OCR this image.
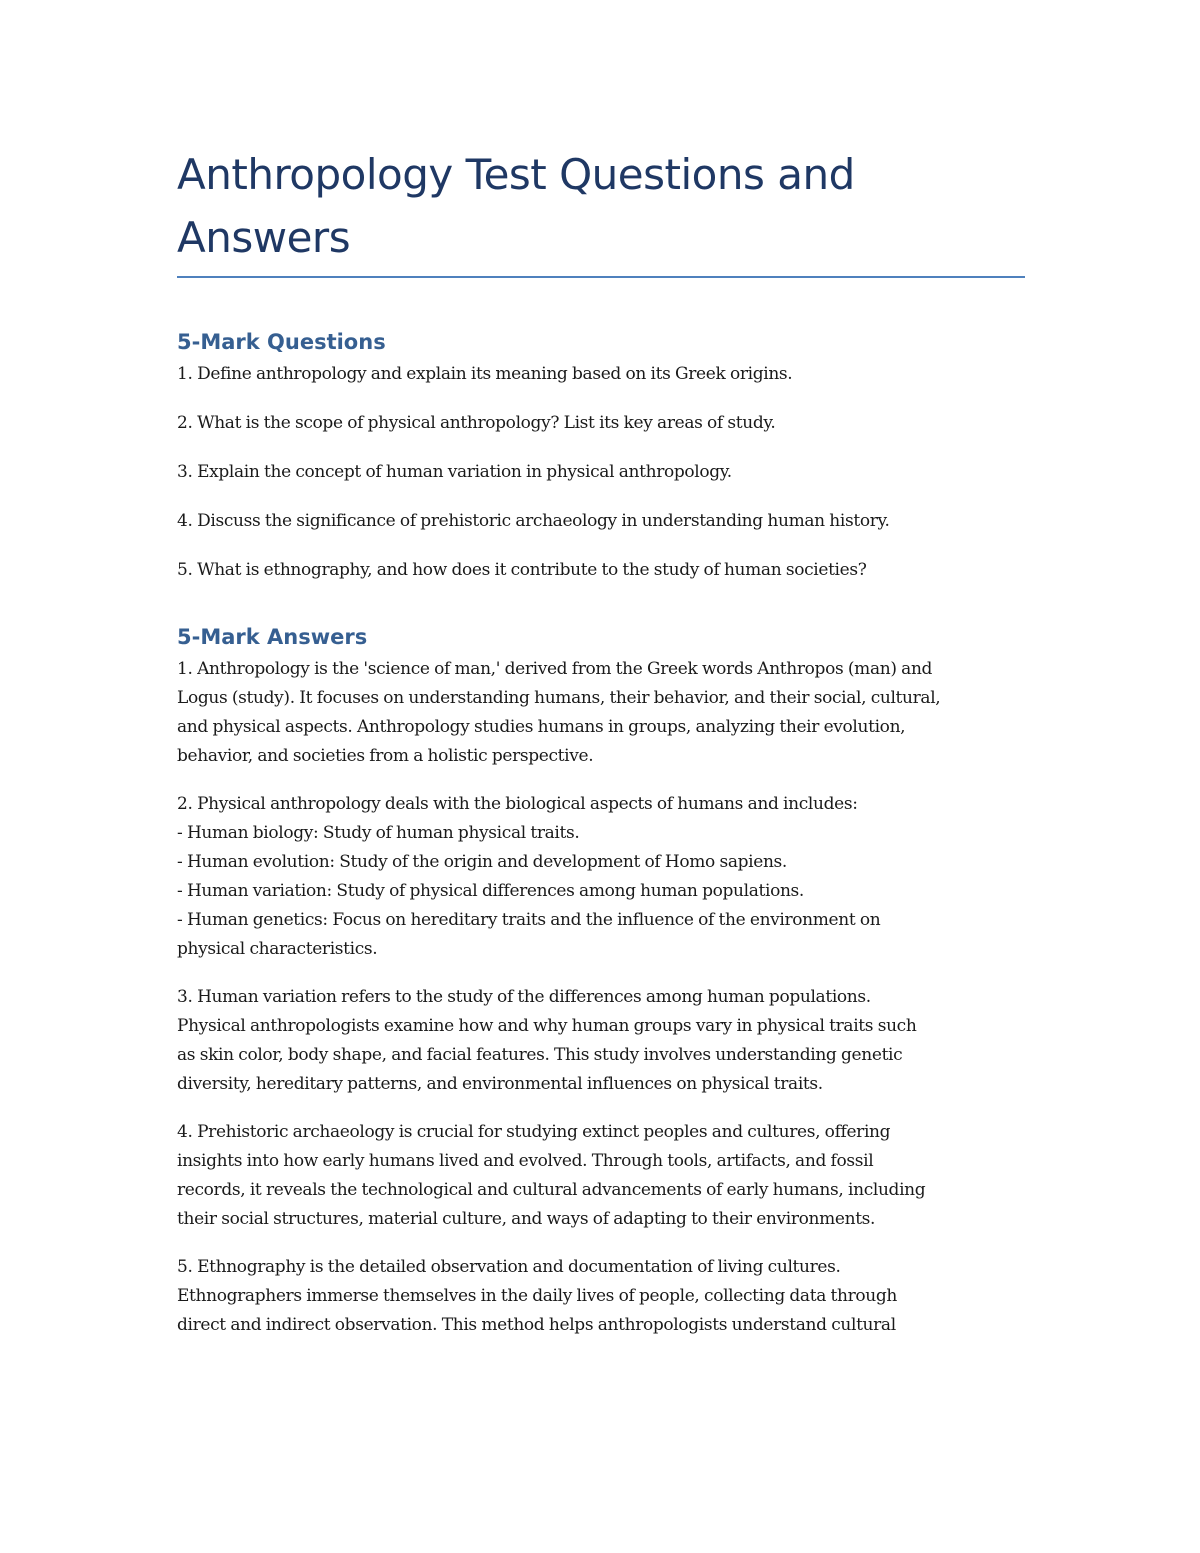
Anthropology Test Questions and
Answers
5-Mark Questions

1. Define anthropology and explain its meaning based on its Greek origins.

2. What is the scope of physical anthropology? List its key areas of study.

3. Explain the concept of human variation in physical anthropology.

4. Discuss the significance of prehistoric archaeology in understanding human history.

5. What is ethnography, and how does it contribute to the study of human societies?

5-Mark Answers

1. Anthropology is the 'science of man,' derived from the Greek words Anthropos (man) and
Logus (study). It focuses on understanding humans, their behavior, and their social, cultural,
and physical aspects. Anthropology studies humans in groups, analyzing their evolution,
behavior, and societies from a holistic perspective.

2. Physical anthropology deals with the biological aspects of humans and includes:
- Human biology: Study of human physical traits.
- Human evolution: Study of the origin and development of Homo sapiens.
- Human variation: Study of physical differences among human populations.
- Human genetics: Focus on hereditary traits and the influence of the environment on
physical characteristics.

3. Human variation refers to the study of the differences among human populations.
Physical anthropologists examine how and why human groups vary in physical traits such
as skin color, body shape, and facial features. This study involves understanding genetic
diversity, hereditary patterns, and environmental influences on physical traits.

4. Prehistoric archaeology is crucial for studying extinct peoples and cultures, offering
insights into how early humans lived and evolved. Through tools, artifacts, and fossil
records, it reveals the technological and cultural advancements of early humans, including
their social structures, material culture, and ways of adapting to their environments.

5. Ethnography is the detailed observation and documentation of living cultures.
Ethnographers immerse themselves in the daily lives of people, collecting data through
direct and indirect observation. This method helps anthropologists understand cultural
